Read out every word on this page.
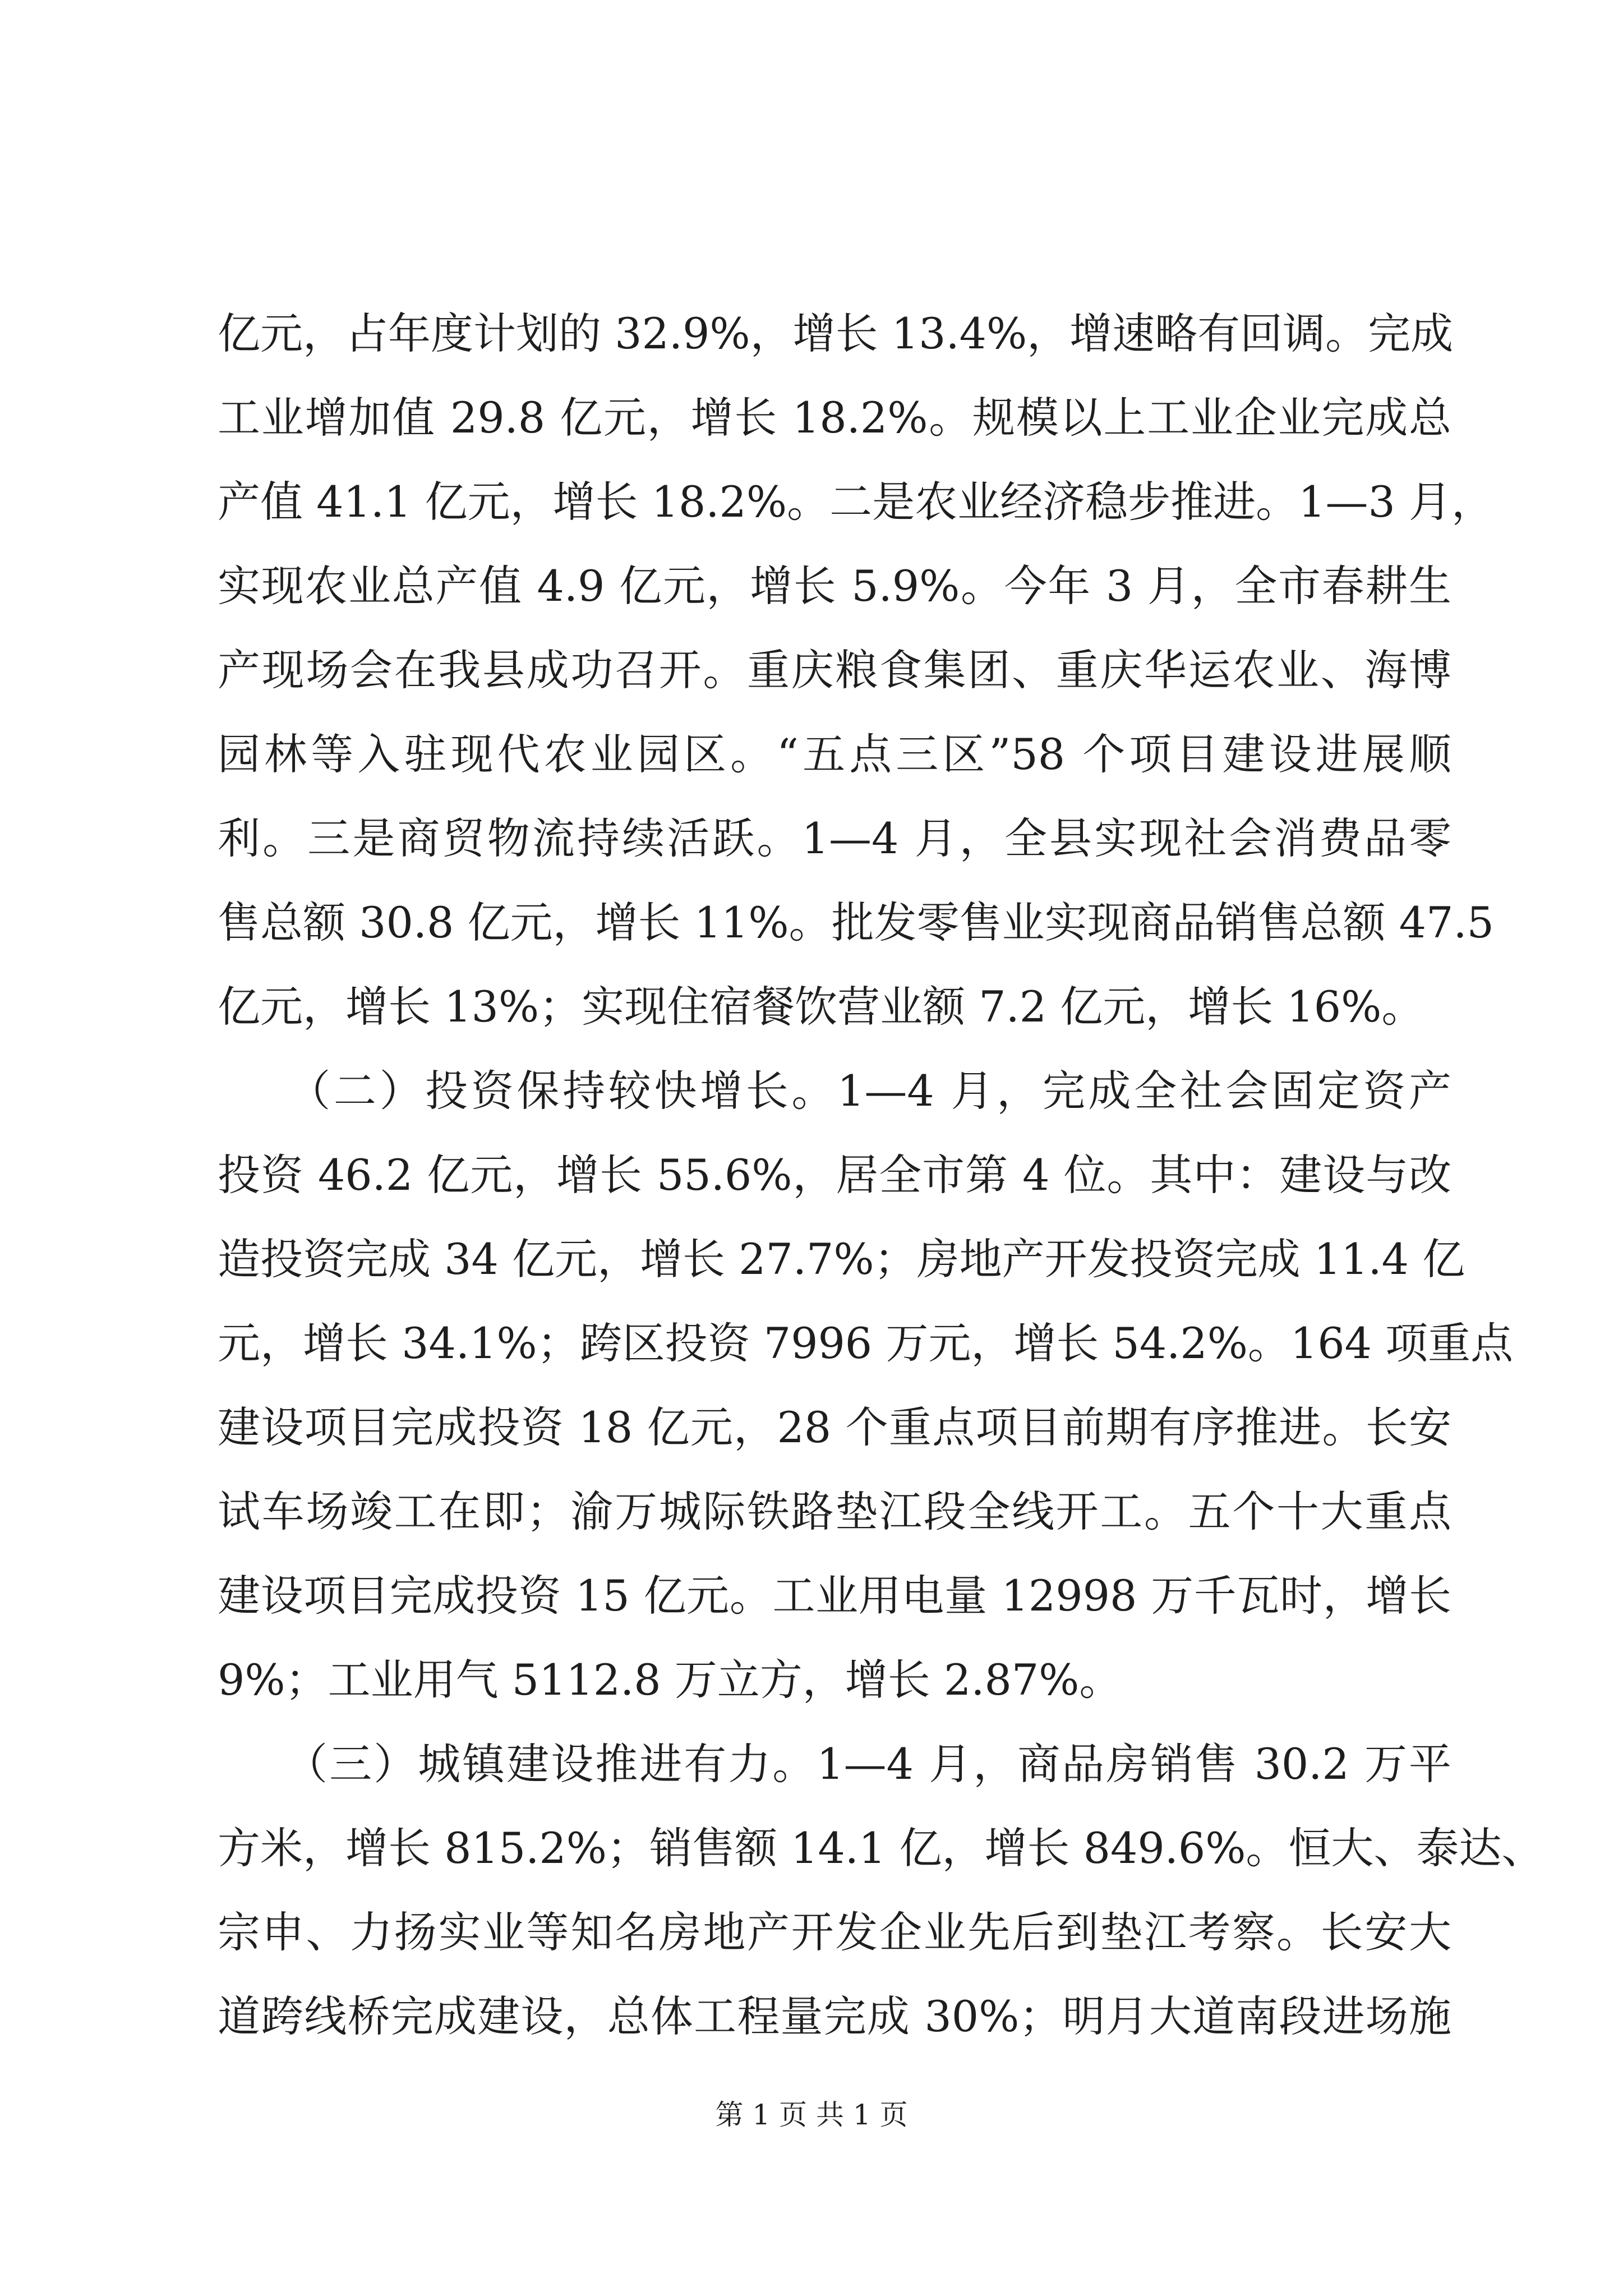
亿元，占年度计划的 32.9%，增长 13.4%，增速略有回调。完成
工业增加值 29.8 亿元，增长 18.2%。规模以上工业企业完成总
产值 41.1 亿元，增长 18.2%。二是农业经济稳步推进。1—3 月，
实现农业总产值 4.9 亿元，增长 5.9%。今年 3 月，全市春耕生
产现场会在我县成功召开。重庆粮食集团、重庆华运农业、海博
园林等入驻现代农业园区。“五点三区”58 个项目建设进展顺
利。三是商贸物流持续活跃。1—4 月，全县实现社会消费品零
售总额 30.8 亿元，增长 11%。批发零售业实现商品销售总额 47.5
亿元，增长 13%；实现住宿餐饮营业额 7.2 亿元，增长 16%。
　　（二）投资保持较快增长。1—4 月，完成全社会固定资产
投资 46.2 亿元，增长 55.6%，居全市第 4 位。其中：建设与改
造投资完成 34 亿元，增长 27.7%；房地产开发投资完成 11.4 亿
元，增长 34.1%；跨区投资 7996 万元，增长 54.2%。164 项重点
建设项目完成投资 18 亿元，28 个重点项目前期有序推进。长安
试车场竣工在即；渝万城际铁路垫江段全线开工。五个十大重点
建设项目完成投资 15 亿元。工业用电量 12998 万千瓦时，增长
9%；工业用气 5112.8 万立方，增长 2.87%。
　　（三）城镇建设推进有力。1—4 月，商品房销售 30.2 万平
方米，增长 815.2%；销售额 14.1 亿，增长 849.6%。恒大、泰达、
宗申、力扬实业等知名房地产开发企业先后到垫江考察。长安大
道跨线桥完成建设，总体工程量完成 30%；明月大道南段进场施
第 1 页 共 1 页
